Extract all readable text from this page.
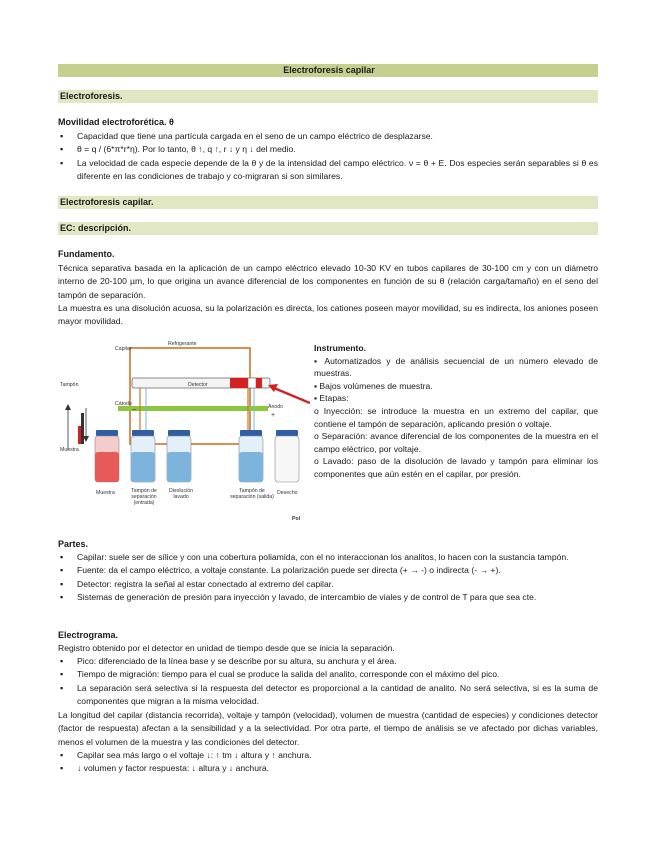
Electroforesis capilar
Electroforesis.
Movilidad electroforética. θ
▪ Capacidad que tiene una partícula cargada en el seno de un campo eléctrico de desplazarse.
▪ θ = q / (6*π*r*η). Por lo tanto, θ ↑, q ↑, r ↓ y η ↓ del medio.
▪ La velocidad de cada especie depende de la θ y de la intensidad del campo eléctrico. ν = θ + E. Dos especies serán separables si θ es diferente en las condiciones de trabajo y co-migraran si son similares.
Electroforesis capilar.
EC: descripción.
Fundamento.
Técnica separativa basada en la aplicación de un campo eléctrico elevado 10-30 KV en tubos capilares de 30-100 cm y con un diámetro interno de 20-100 µm, lo que origina un avance diferencial de los componentes en función de su θ (relación carga/tamaño) en el seno del tampón de separación.
La muestra es una disolución acuosa, su la polarización es directa, los cationes poseen mayor movilidad, su es indirecta, los aniones poseen mayor movilidad.
Capilar
Refrigerante
Detector
Tampón
Cátodo
−	Ánodo
+
Muestra
Muestra	Tampón de separación (entrada)
Disolución lavado
Tampón de separación (salida)
Desecho
Pol
Instrumento.
▪ Automatizados y de análisis secuencial de un número elevado de muestras.
▪ Bajos volúmenes de muestra.
▪ Etapas:
ο Inyección: se introduce la muestra en un extremo del capilar, que contiene el tampón de separación, aplicando presión o voltaje.
ο Separación: avance diferencial de los componentes de la muestra en el campo eléctrico, por voltaje.
ο Lavado: paso de la disolución de lavado y tampón para eliminar los componentes que aún estén en el capilar, por presión.
Partes.
▪ Capilar: suele ser de sílice y con una cobertura poliamida, con el no interaccionan los analitos, lo hacen con la sustancia tampón.
▪ Fuente: da el campo eléctrico, a voltaje constante. La polarización puede ser directa (+ → -) o indirecta (- → +).
▪ Detector: registra la señal al estar conectado al extremo del capilar.
▪ Sistemas de generación de presión para inyección y lavado, de intercambio de viales y de control de T para que sea cte.
Electrograma.
Registro obtenido por el detector en unidad de tiempo desde que se inicia la separación.
▪ Pico: diferenciado de la línea base y se describe por su altura, su anchura y el área.
▪ Tiempo de migración: tiempo para el cual se produce la salida del analito, corresponde con el máximo del pico.
▪ La separación será selectiva si la respuesta del detector es proporcional a la cantidad de analito. No será selectiva, si es la suma de componentes que migran a la misma velocidad.
La longitud del capilar (distancia recorrida), voltaje y tampón (velocidad), volumen de muestra (cantidad de especies) y condiciones detector (factor de respuesta) afectan a la sensibilidad y a la selectividad. Por otra parte, el tiempo de análisis se ve afectado por dichas variables, menos el volumen de la muestra y las condiciones del detector.
▪ Capilar sea más largo o el voltaje ↓: ↑ tm ↓ altura y ↑ anchura.
▪ ↓ volumen y factor respuesta: ↓ altura y ↓ anchura.
